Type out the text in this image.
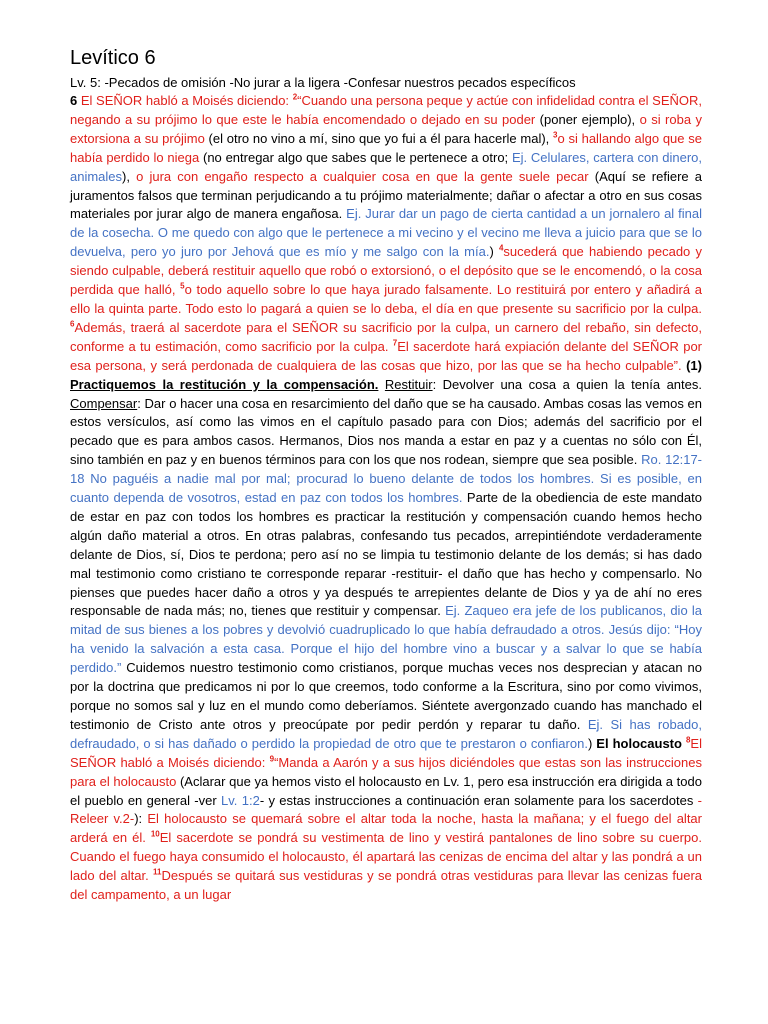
Levítico 6

Lv. 5: -Pecados de omisión -No jurar a la ligera -Confesar nuestros pecados específicos

6 El SEÑOR habló a Moisés diciendo: $^2$“Cuando una persona peque y actúe con infidelidad contra el SEÑOR, negando a su prójimo lo que este le había encomendado o dejado en su poder (poner ejemplo), o si roba y extorsiona a su prójimo (el otro no vino a mí, sino que yo fui a él para hacerle mal), $^3$o si hallando algo que se había perdido lo niega (no entregar algo que sabes que le pertenece a otro; Ej. Celulares, cartera con dinero, animales), o jura con engaño respecto a cualquier cosa en que la gente suele pecar (Aquí se refiere a juramentos falsos que terminan perjudicando a tu prójimo materialmente; dañar o afectar a otro en sus cosas materiales por jurar algo de manera engañosa. Ej. Jurar dar un pago de cierta cantidad a un jornalero al final de la cosecha. O me quedo con algo que le pertenece a mi vecino y el vecino me lleva a juicio para que se lo devuelva, pero yo juro por Jehová que es mío y me salgo con la mía.) $^4$sucederá que habiendo pecado y siendo culpable, deberá restituir aquello que robó o extorsionó, o el depósito que se le encomendó, o la cosa perdida que halló, $^5$o todo aquello sobre lo que haya jurado falsamente. Lo restituirá por entero y añadirá a ello la quinta parte. Todo esto lo pagará a quien se lo deba, el día en que presente su sacrificio por la culpa. $^6$Además, traerá al sacerdote para el SEÑOR su sacrificio por la culpa, un carnero del rebaño, sin defecto, conforme a tu estimación, como sacrificio por la culpa. $^7$El sacerdote hará expiación delante del SEÑOR por esa persona, y será perdonada de cualquiera de las cosas que hizo, por las que se ha hecho culpable”. (1) Practiquemos la restitución y la compensación. Restituir: Devolver una cosa a quien la tenía antes. Compensar: Dar o hacer una cosa en resarcimiento del daño que se ha causado. Ambas cosas las vemos en estos versículos, así como las vimos en el capítulo pasado para con Dios; además del sacrificio por el pecado que es para ambos casos. Hermanos, Dios nos manda a estar en paz y a cuentas no sólo con Él, sino también en paz y en buenos términos para con los que nos rodean, siempre que sea posible. Ro. 12:17-18 No paguéis a nadie mal por mal; procurad lo bueno delante de todos los hombres. Si es posible, en cuanto dependa de vosotros, estad en paz con todos los hombres. Parte de la obediencia de este mandato de estar en paz con todos los hombres es practicar la restitución y compensación cuando hemos hecho algún daño material a otros. En otras palabras, confesando tus pecados, arrepintiéndote verdaderamente delante de Dios, sí, Dios te perdona; pero así no se limpia tu testimonio delante de los demás; si has dado mal testimonio como cristiano te corresponde reparar -restituir- el daño que has hecho y compensarlo. No pienses que puedes hacer daño a otros y ya después te arrepientes delante de Dios y ya de ahí no eres responsable de nada más; no, tienes que restituir y compensar. Ej. Zaqueo era jefe de los publicanos, dio la mitad de sus bienes a los pobres y devolvió cuadruplicado lo que había defraudado a otros. Jesús dijo: “Hoy ha venido la salvación a esta casa. Porque el hijo del hombre vino a buscar y a salvar lo que se había perdido.” Cuidemos nuestro testimonio como cristianos, porque muchas veces nos desprecian y atacan no por la doctrina que predicamos ni por lo que creemos, todo conforme a la Escritura, sino por como vivimos, porque no somos sal y luz en el mundo como deberíamos. Siéntete avergonzado cuando has manchado el testimonio de Cristo ante otros y preocúpate por pedir perdón y reparar tu daño. Ej. Si has robado, defraudado, o si has dañado o perdido la propiedad de otro que te prestaron o confiaron.) El holocausto $^8$El SEÑOR habló a Moisés diciendo: $^9$“Manda a Aarón y a sus hijos diciéndoles que estas son las instrucciones para el holocausto (Aclarar que ya hemos visto el holocausto en Lv. 1, pero esa instrucción era dirigida a todo el pueblo en general -ver Lv. 1:2- y estas instrucciones a continuación eran solamente para los sacerdotes -Releer v.2-): El holocausto se quemará sobre el altar toda la noche, hasta la mañana; y el fuego del altar arderá en él. $^{10}$El sacerdote se pondrá su vestimenta de lino y vestirá pantalones de lino sobre su cuerpo. Cuando el fuego haya consumido el holocausto, él apartará las cenizas de encima del altar y las pondrá a un lado del altar. $^{11}$Después se quitará sus vestiduras y se pondrá otras vestiduras para llevar las cenizas fuera del campamento, a un lugar
